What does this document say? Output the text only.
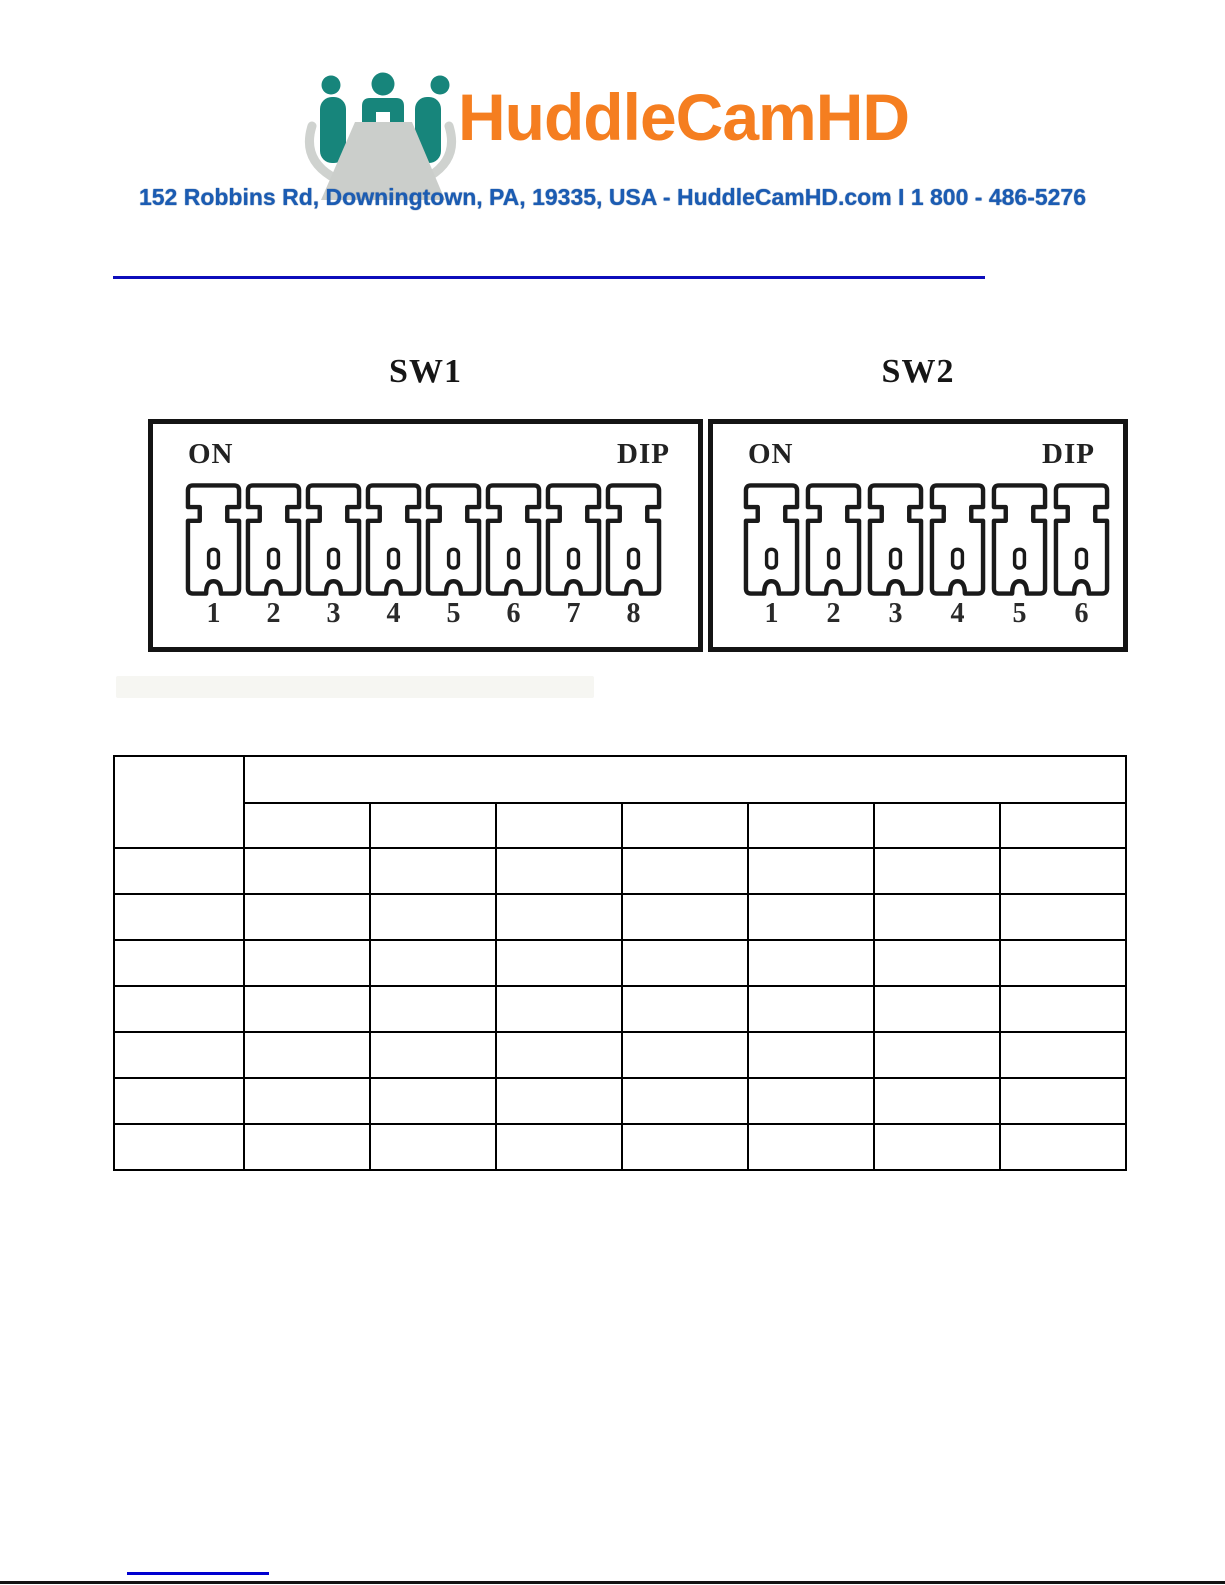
HuddleCamHD
152 Robbins Rd, Downingtown, PA, 19335, USA - HuddleCamHD.com I 1 800 - 486-5276
SW1	SW2
ON	DIP
1 2 3 4 5 6 7 8
ON	DIP
1 2 3 4 5 6
